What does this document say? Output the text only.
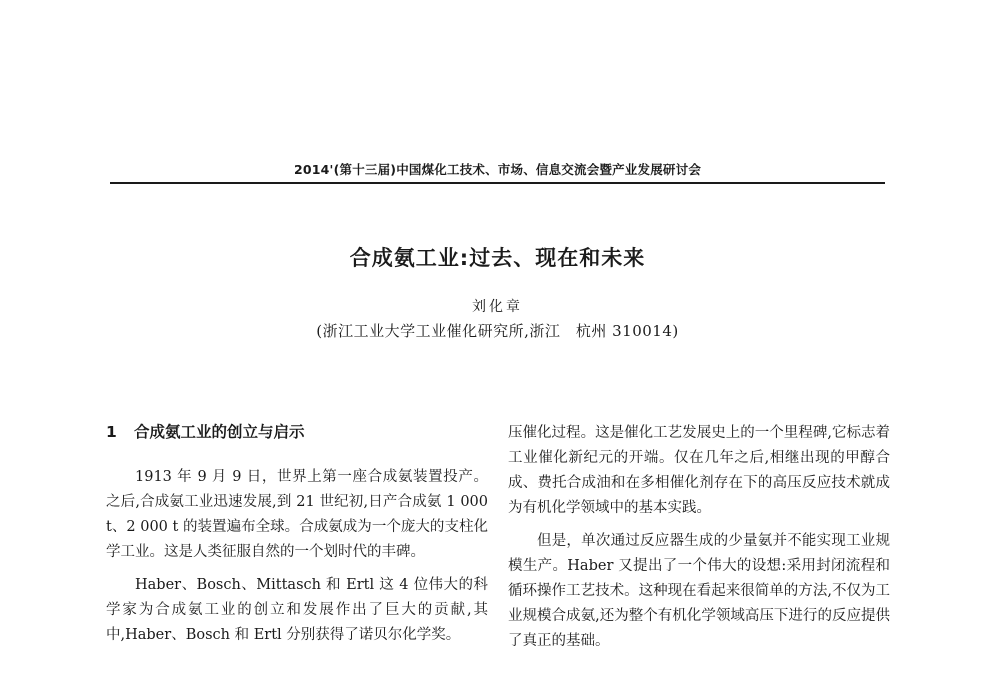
2014'(第十三届)中国煤化工技术、市场、信息交流会暨产业发展研讨会
合成氨工业:过去、现在和未来
刘化章
(浙江工业大学工业催化研究所,浙江　杭州 310014)
1 合成氨工业的创立与启示

1913 年 9 月 9 日，世界上第一座合成氨装置投产。之后,合成氨工业迅速发展,到 21 世纪初,日产合成氨 1 000 t、2 000 t 的装置遍布全球。合成氨成为一个庞大的支柱化学工业。这是人类征服自然的一个划时代的丰碑。

Haber、Bosch、Mittasch 和 Ertl 这 4 位伟大的科学家为合成氨工业的创立和发展作出了巨大的贡献,其中,Haber、Bosch 和 Ertl 分别获得了诺贝尔化学奖。

压催化过程。这是催化工艺发展史上的一个里程碑,它标志着工业催化新纪元的开端。仅在几年之后,相继出现的甲醇合成、费托合成油和在多相催化剂存在下的高压反应技术就成为有机化学领域中的基本实践。

但是，单次通过反应器生成的少量氨并不能实现工业规模生产。Haber 又提出了一个伟大的设想:采用封闭流程和循环操作工艺技术。这种现在看起来很简单的方法,不仅为工业规模合成氨,还为整个有机化学领域高压下进行的反应提供了真正的基础。
